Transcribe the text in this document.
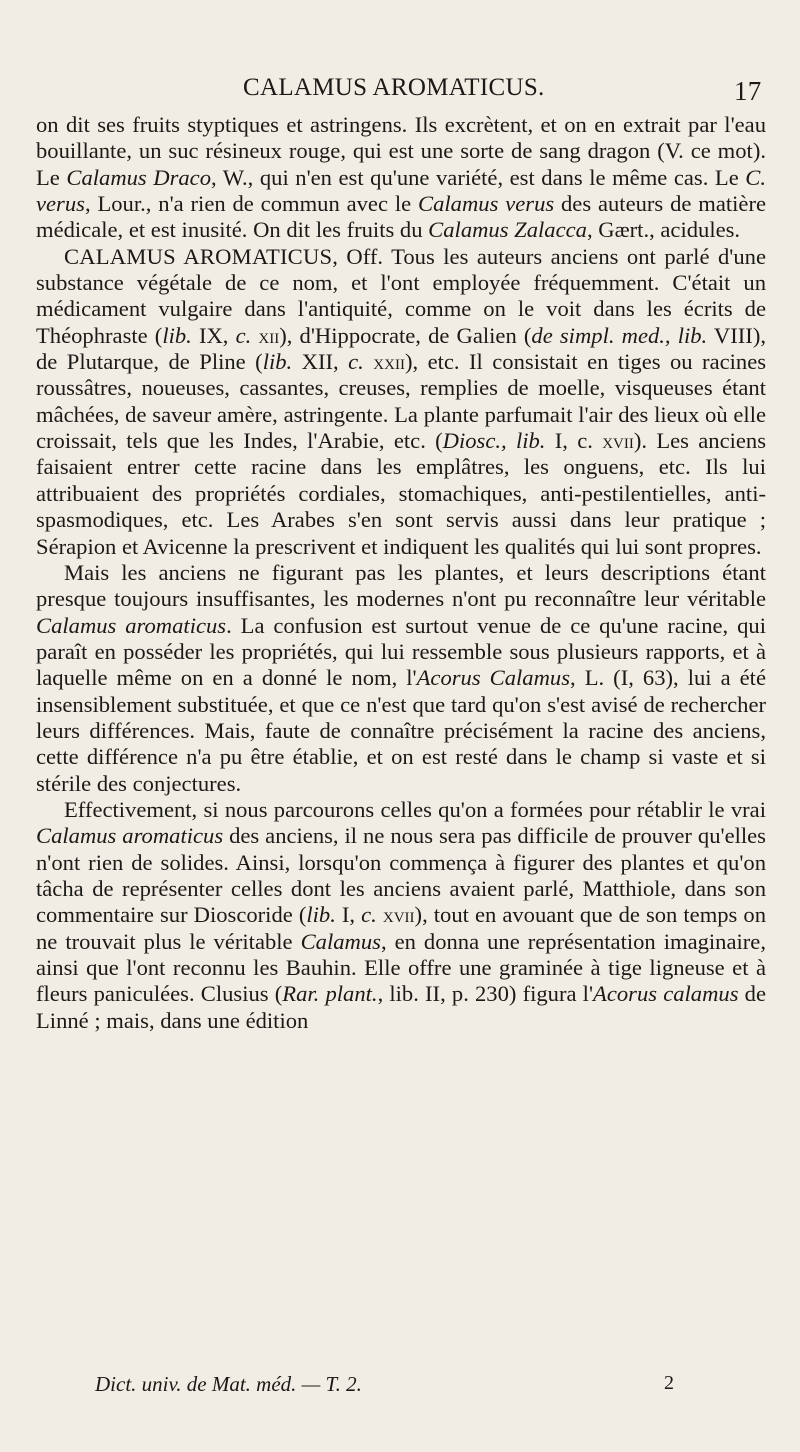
CALAMUS AROMATICUS.	17

on dit ses fruits styptiques et astringens. Ils excrètent, et on en extrait par l'eau bouillante, un suc résineux rouge, qui est une sorte de sang dragon (V. ce mot). Le Calamus Draco, W., qui n'en est qu'une variété, est dans le même cas. Le C. verus, Lour., n'a rien de commun avec le Calamus verus des auteurs de matière médicale, et est inusité. On dit les fruits du Calamus Zalacca, Gært., acidules.

CALAMUS AROMATICUS, Off. Tous les auteurs anciens ont parlé d'une substance végétale de ce nom, et l'ont employée fréquemment. C'était un médicament vulgaire dans l'antiquité, comme on le voit dans les écrits de Théophraste (lib. IX, c. xii), d'Hippocrate, de Galien (de simpl. med., lib. VIII), de Plutarque, de Pline (lib. XII, c. xxii), etc. Il consistait en tiges ou racines roussâtres, noueuses, cassantes, creuses, remplies de moelle, visqueuses étant mâchées, de saveur amère, astringente. La plante parfumait l'air des lieux où elle croissait, tels que les Indes, l'Arabie, etc. (Diosc., lib. I, c. xvii). Les anciens faisaient entrer cette racine dans les emplâtres, les onguens, etc. Ils lui attribuaient des propriétés cordiales, stomachiques, anti-pestilentielles, anti-spasmodiques, etc. Les Arabes s'en sont servis aussi dans leur pratique ; Sérapion et Avicenne la prescrivent et indiquent les qualités qui lui sont propres.

Mais les anciens ne figurant pas les plantes, et leurs descriptions étant presque toujours insuffisantes, les modernes n'ont pu reconnaître leur véritable Calamus aromaticus. La confusion est surtout venue de ce qu'une racine, qui paraît en posséder les propriétés, qui lui ressemble sous plusieurs rapports, et à laquelle même on en a donné le nom, l'Acorus Calamus, L. (I, 63), lui a été insensiblement substituée, et que ce n'est que tard qu'on s'est avisé de rechercher leurs différences. Mais, faute de connaître précisément la racine des anciens, cette différence n'a pu être établie, et on est resté dans le champ si vaste et si stérile des conjectures.

Effectivement, si nous parcourons celles qu'on a formées pour rétablir le vrai Calamus aromaticus des anciens, il ne nous sera pas difficile de prouver qu'elles n'ont rien de solides. Ainsi, lorsqu'on commença à figurer des plantes et qu'on tâcha de représenter celles dont les anciens avaient parlé, Matthiole, dans son commentaire sur Dioscoride (lib. I, c. xvii), tout en avouant que de son temps on ne trouvait plus le véritable Calamus, en donna une représentation imaginaire, ainsi que l'ont reconnu les Bauhin. Elle offre une graminée à tige ligneuse et à fleurs paniculées. Clusius (Rar. plant., lib. II, p. 230) figura l'Acorus calamus de Linné ; mais, dans une édition

Dict. univ. de Mat. méd. — T. 2.	2
